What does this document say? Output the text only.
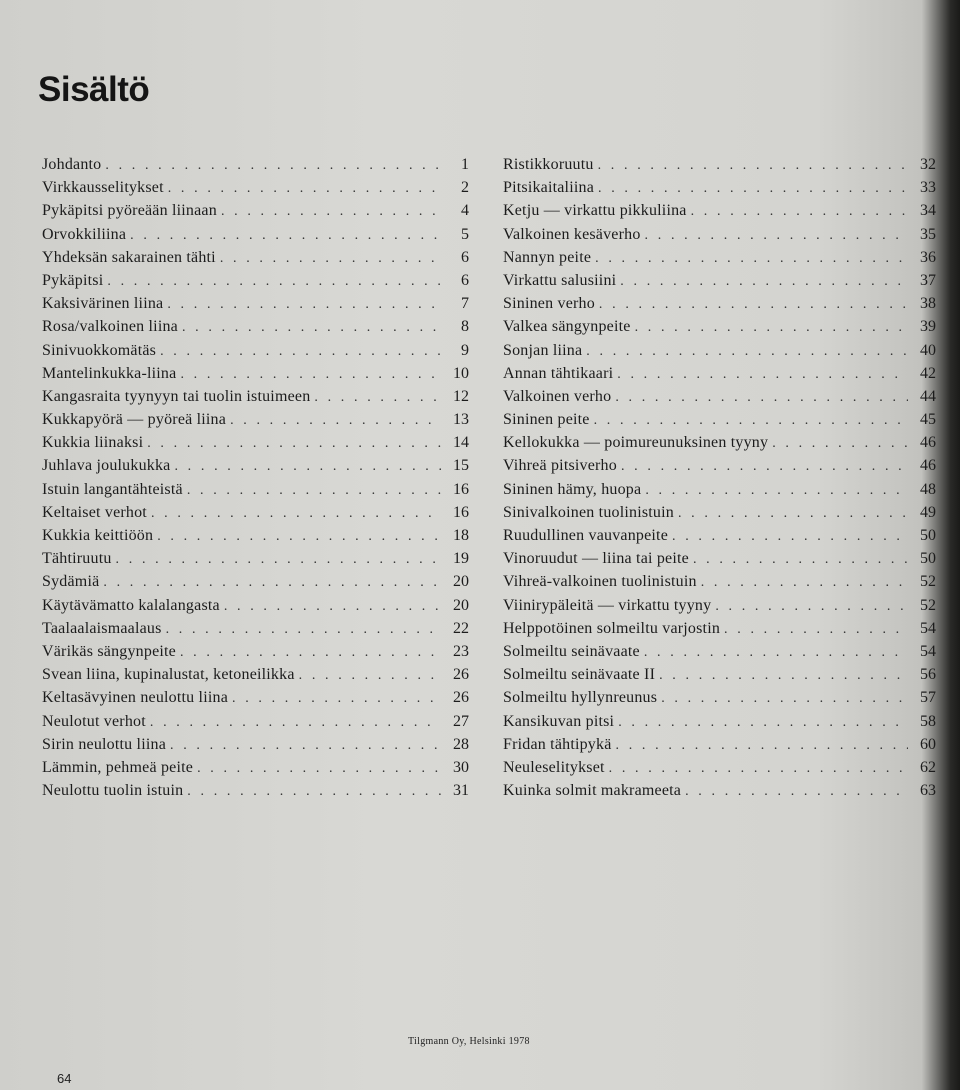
Sisältö
Johdanto . . .	1
Virkkausselitykset . . .	2
Pykäpitsi pyöreään liinaan . . .	4
Orvokkiliina . . .	5
Yhdeksän sakarainen tähti . . .	6
Pykäpitsi . . .	6
Kaksivärinen liina . . .	7
Rosa/valkoinen liina . . .	8
Sinivuokkomätäs . . .	9
Mantelinkukka-liina . . .	10
Kangasraita tyynyyn tai tuolin istuimeen . . .	12
Kukkapyörä — pyöreä liina . . .	13
Kukkia liinaksi . . .	14
Juhlava joulukukka . . .	15
Istuin langantähteistä . . .	16
Keltaiset verhot . . .	16
Kukkia keittiöön . . .	18
Tähtiruutu . . .	19
Sydämiä . . .	20
Käytävämatto kalalangasta . . .	20
Taalaalaismaalaus . . .	22
Värikäs sängynpeite . . .	23
Svean liina, kupinalustat, ketoneilikka . . .	26
Keltasävyinen neulottu liina . . .	26
Neulotut verhot . . .	27
Sirin neulottu liina . . .	28
Lämmin, pehmeä peite . . .	30
Neulottu tuolin istuin . . .	31
Ristikkoruutu . . .	32
Pitsikaitaliina . . .	33
Ketju — virkattu pikkuliina . . .	34
Valkoinen kesäverho . . .	35
Nannyn peite . . .	36
Virkattu salusiini . . .	37
Sininen verho . . .	38
Valkea sängynpeite . . .	39
Sonjan liina . . .	40
Annan tähtikaari . . .	42
Valkoinen verho . . .	44
Sininen peite . . .	45
Kellokukka — poimureunuksinen tyyny . . .	46
Vihreä pitsiverho . . .	46
Sininen hämy, huopa . . .	48
Sinivalkoinen tuolinistuin . . .	49
Ruudullinen vauvanpeite . . .	50
Vinoruudut — liina tai peite . . .	50
Vihreä-valkoinen tuolinistuin . . .	52
Viinirypäleitä — virkattu tyyny . . .	52
Helppotöinen solmeiltu varjostin . . .	54
Solmeiltu seinävaate . . .	54
Solmeiltu seinävaate II . . .	56
Solmeiltu hyllynreunus . . .	57
Kansikuvan pitsi . . .	58
Fridan tähtipykä . . .	60
Neuleselitykset . . .	62
Kuinka solmit makrameeta . . .	63
Tilgmann Oy, Helsinki 1978
64
